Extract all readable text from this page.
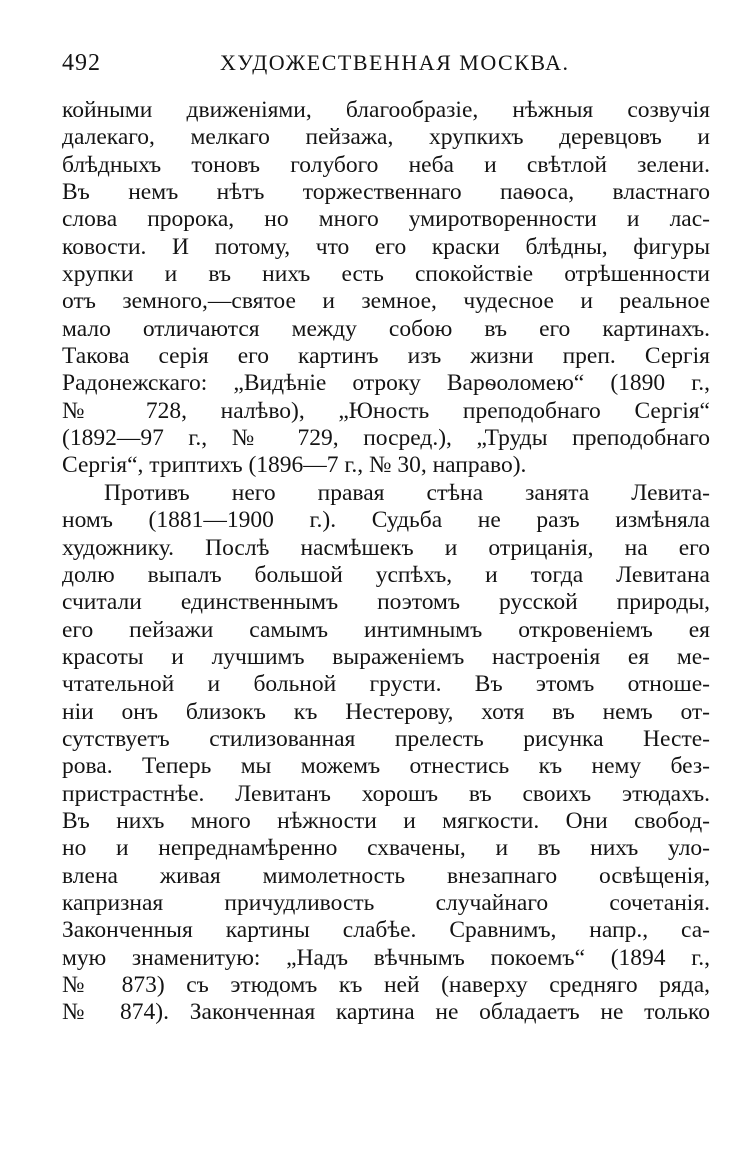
492	ХУДОЖЕСТВЕННАЯ МОСКВА.
койными движеніями, благообразіе, нѣжныя созвучія
далекаго, мелкаго пейзажа, хрупкихъ деревцовъ и
блѣдныхъ тоновъ голубого неба и свѣтлой зелени.
Въ немъ нѣтъ торжественнаго паѳоса, властнаго
слова пророка, но много умиротворенности и лас-
ковости. И потому, что его краски блѣдны, фигуры
хрупки и въ нихъ есть спокойствіе отрѣшенности
отъ земного,—святое и земное, чудесное и реальное
мало отличаются между собою въ его картинахъ.
Такова серія его картинъ изъ жизни преп. Сергія
Радонежскаго: „Видѣніе отроку Варѳоломею“ (1890 г.,
№ 728, налѣво), „Юность преподобнаго Сергія“
(1892—97 г., № 729, посред.), „Труды преподобнаго
Сергія“, триптихъ (1896—7 г., № 30, направо).
Противъ него правая стѣна занята Левита-
номъ (1881—1900 г.). Судьба не разъ измѣняла
художнику. Послѣ насмѣшекъ и отрицанія, на его
долю выпалъ большой успѣхъ, и тогда Левитана
считали единственнымъ поэтомъ русской природы,
его пейзажи самымъ интимнымъ откровеніемъ ея
красоты и лучшимъ выраженіемъ настроенія ея ме-
чтательной и больной грусти. Въ этомъ отноше-
ніи онъ близокъ къ Нестерову, хотя въ немъ от-
сутствуетъ стилизованная прелесть рисунка Несте-
рова. Теперь мы можемъ отнестись къ нему без-
пристрастнѣе. Левитанъ хорошъ въ своихъ этюдахъ.
Въ нихъ много нѣжности и мягкости. Они свобод-
но и непреднамѣренно схвачены, и въ нихъ уло-
влена живая мимолетность внезапнаго освѣщенія,
капризная причудливость случайнаго сочетанія.
Законченныя картины слабѣе. Сравнимъ, напр., са-
мую знаменитую: „Надъ вѣчнымъ покоемъ“ (1894 г.,
№ 873) съ этюдомъ къ ней (наверху средняго ряда,
№ 874). Законченная картина не обладаетъ не только
